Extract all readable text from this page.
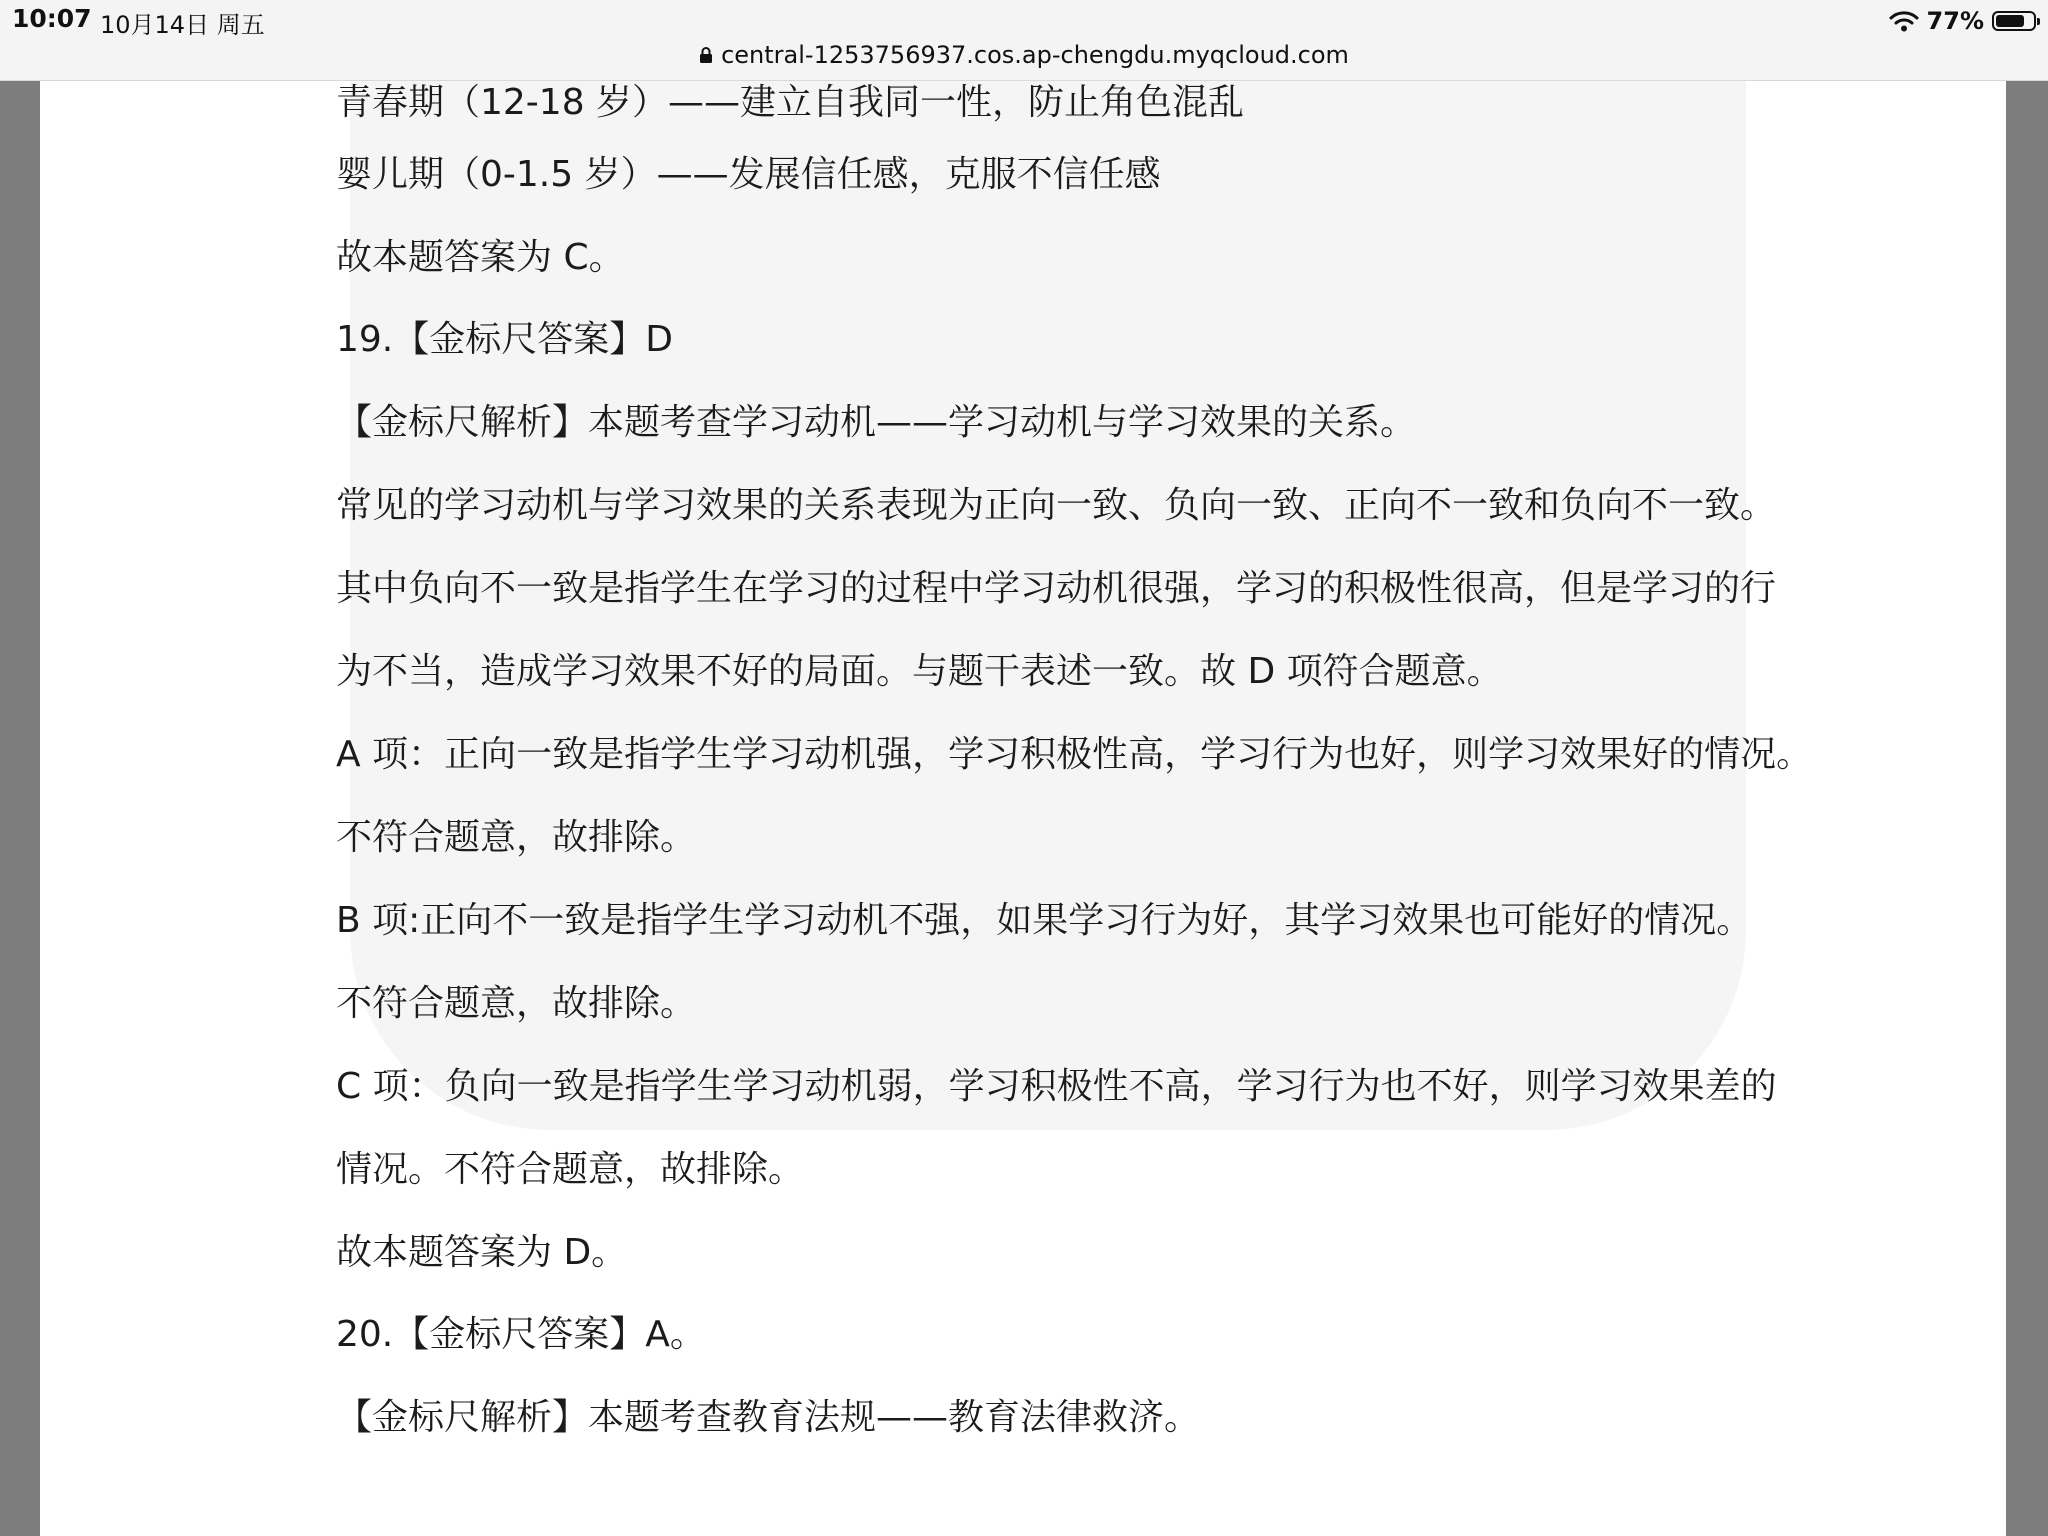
10:07 10月14日 周五	77%
central-1253756937.cos.ap-chengdu.myqcloud.com

青春期（12-18 岁）——建立自我同一性，防止角色混乱

婴儿期（0-1.5 岁）——发展信任感，克服不信任感

故本题答案为 C。

19.【金标尺答案】D

【金标尺解析】本题考查学习动机——学习动机与学习效果的关系。

常见的学习动机与学习效果的关系表现为正向一致、负向一致、正向不一致和负向不一致。

其中负向不一致是指学生在学习的过程中学习动机很强，学习的积极性很高，但是学习的行

为不当，造成学习效果不好的局面。与题干表述一致。故 D 项符合题意。

A 项：正向一致是指学生学习动机强，学习积极性高，学习行为也好，则学习效果好的情况。

不符合题意，故排除。

B 项:正向不一致是指学生学习动机不强，如果学习行为好，其学习效果也可能好的情况。

不符合题意，故排除。

C 项：负向一致是指学生学习动机弱，学习积极性不高，学习行为也不好，则学习效果差的

情况。不符合题意，故排除。

故本题答案为 D。

20.【金标尺答案】A。

【金标尺解析】本题考查教育法规——教育法律救济。
